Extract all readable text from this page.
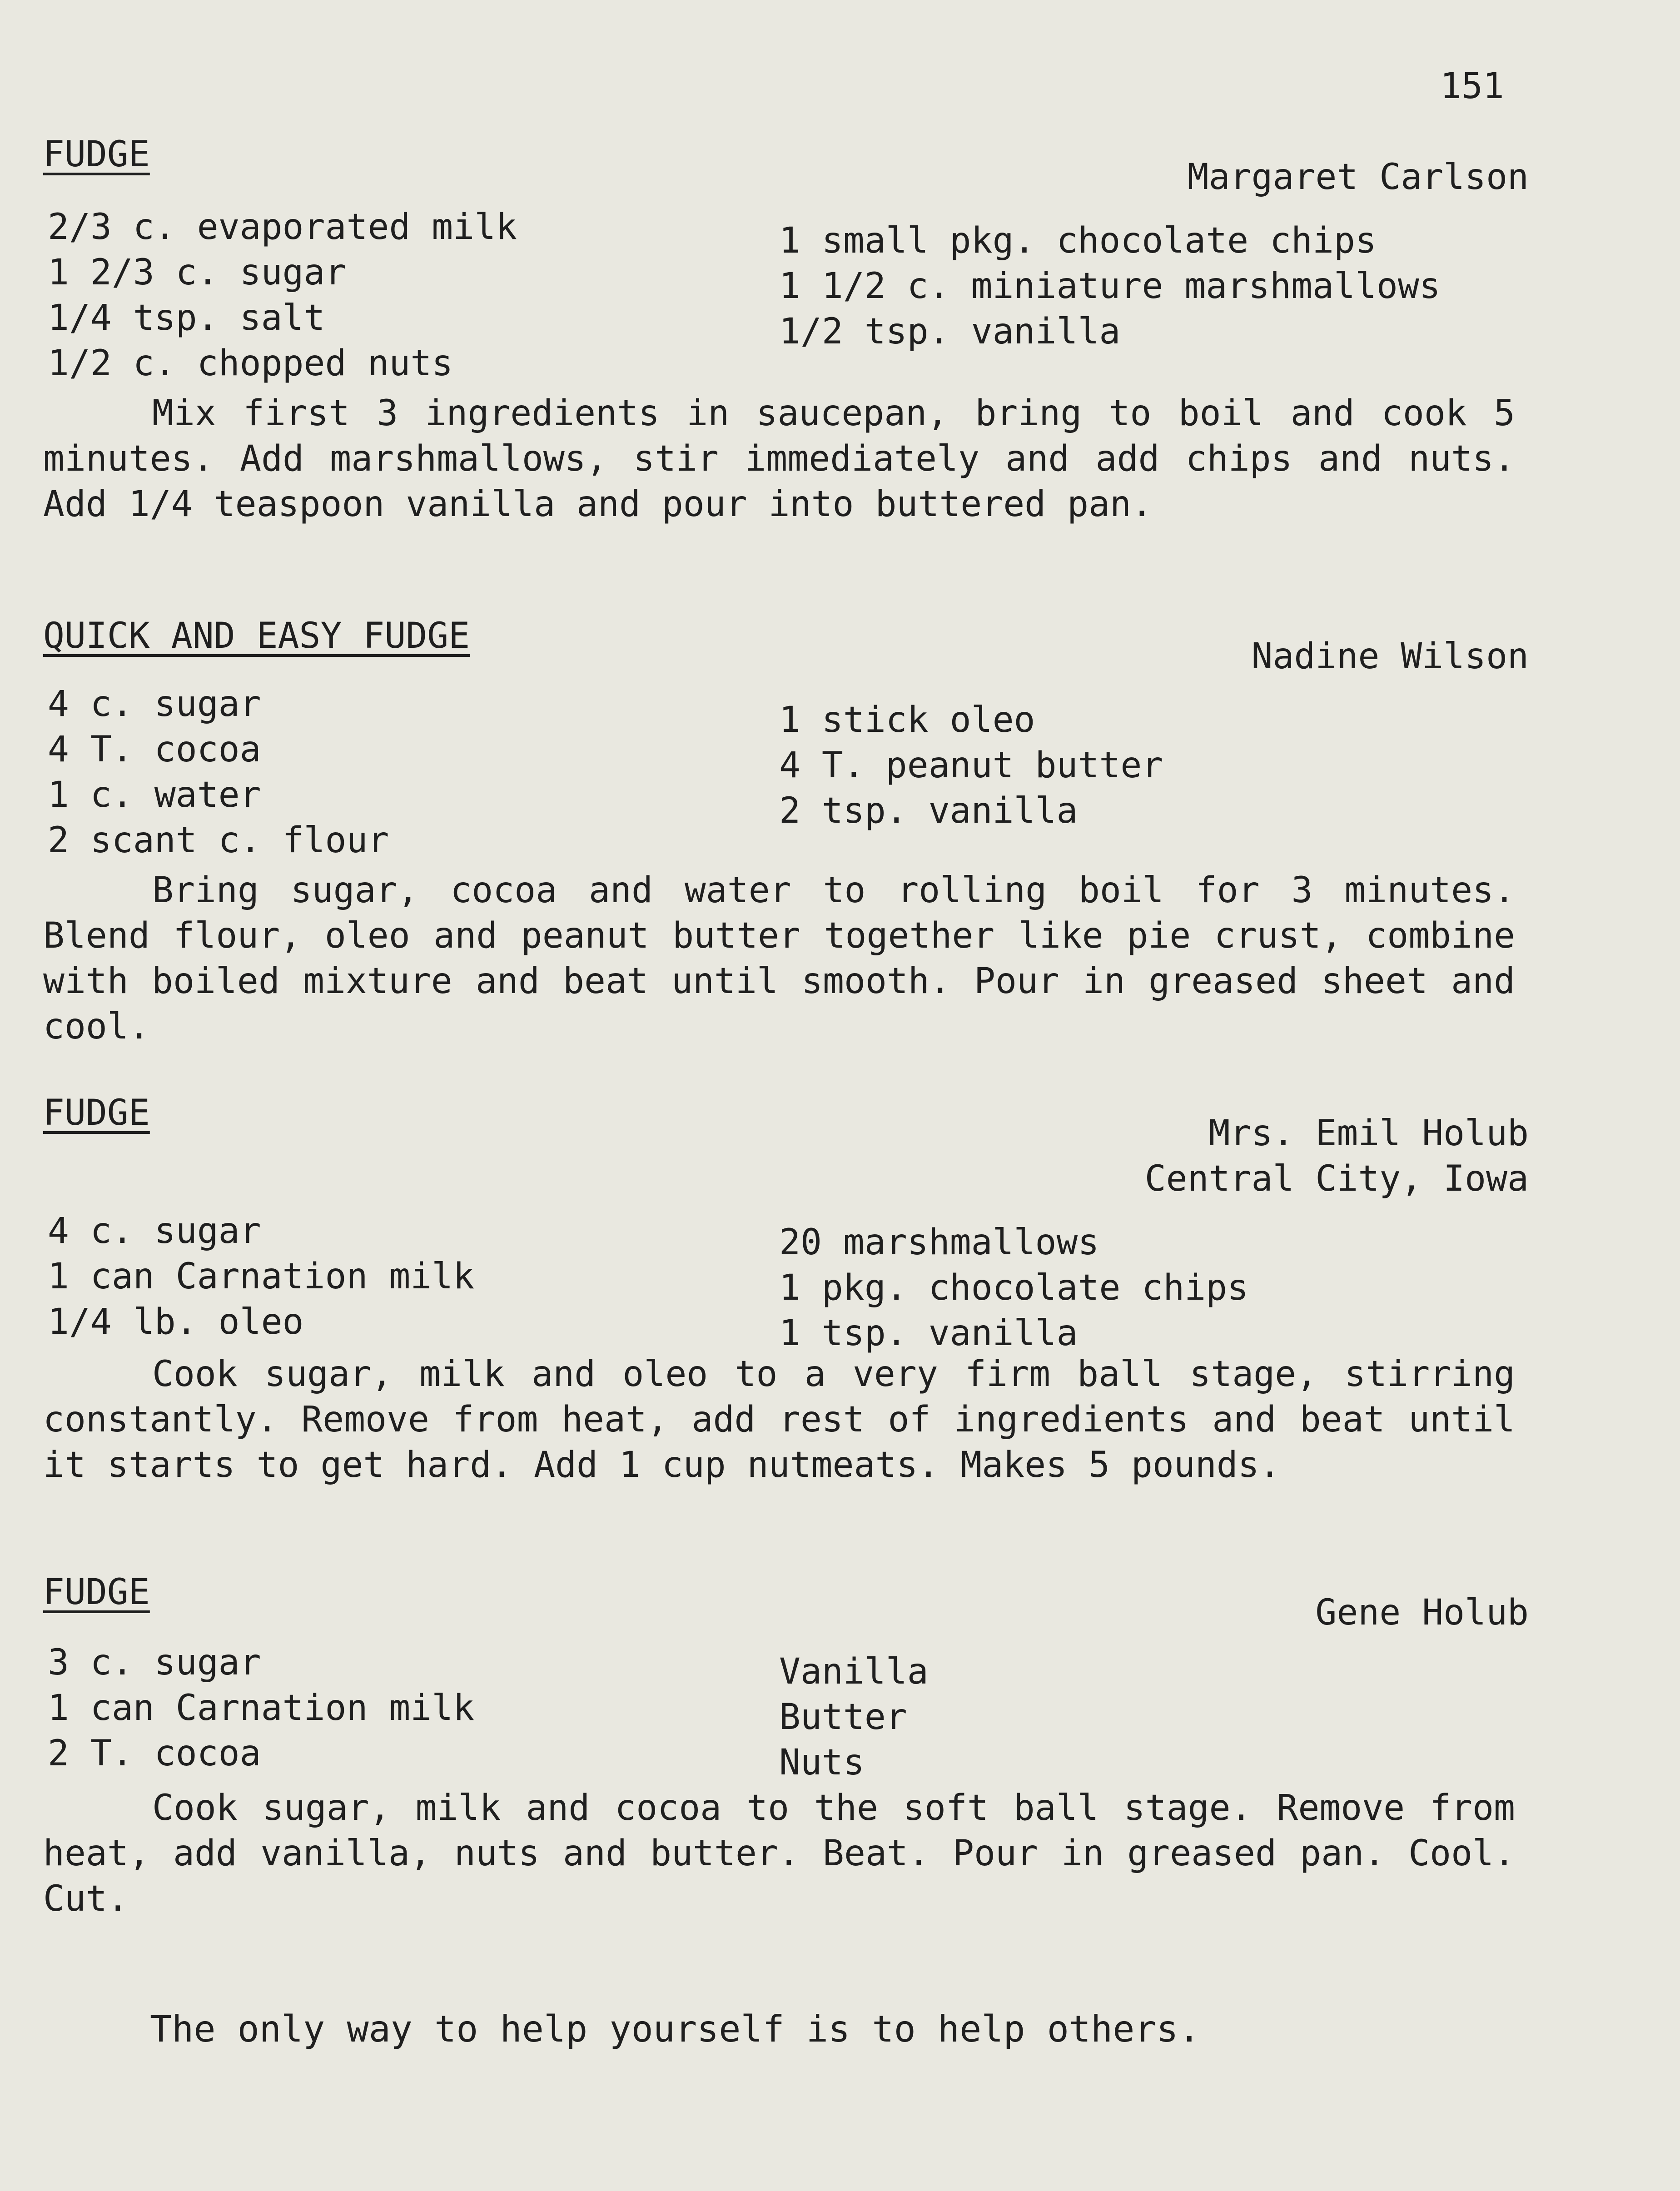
151
FUDGE
Margaret Carlson
2/3 c. evaporated milk
1 2/3 c. sugar
1/4 tsp. salt
1/2 c. chopped nuts
1 small pkg. chocolate chips
1 1/2 c. miniature marshmallows
1/2 tsp. vanilla
Mix first 3 ingredients in saucepan, bring to boil and cook 5 minutes. Add marshmallows, stir immediately and add chips and nuts. Add 1/4 teaspoon vanilla and pour into buttered pan.
QUICK AND EASY FUDGE	Nadine Wilson
4 c. sugar
4 T. cocoa
1 c. water
2 scant c. flour
1 stick oleo
4 T. peanut butter
2 tsp. vanilla
Bring sugar, cocoa and water to rolling boil for 3 minutes. Blend flour, oleo and peanut butter together like pie crust, combine with boiled mixture and beat until smooth. Pour in greased sheet and cool.
FUDGE	Mrs. Emil Holub
Central City, Iowa
4 c. sugar
1 can Carnation milk
1/4 lb. oleo
20 marshmallows
1 pkg. chocolate chips
1 tsp. vanilla
Cook sugar, milk and oleo to a very firm ball stage, stirring constantly. Remove from heat, add rest of ingredients and beat until it starts to get hard. Add 1 cup nutmeats. Makes 5 pounds.
FUDGE	Gene Holub
3 c. sugar
1 can Carnation milk
2 T. cocoa
Vanilla
Butter
Nuts
Cook sugar, milk and cocoa to the soft ball stage. Remove from heat, add vanilla, nuts and butter. Beat. Pour in greased pan. Cool. Cut.
The only way to help yourself is to help others.
